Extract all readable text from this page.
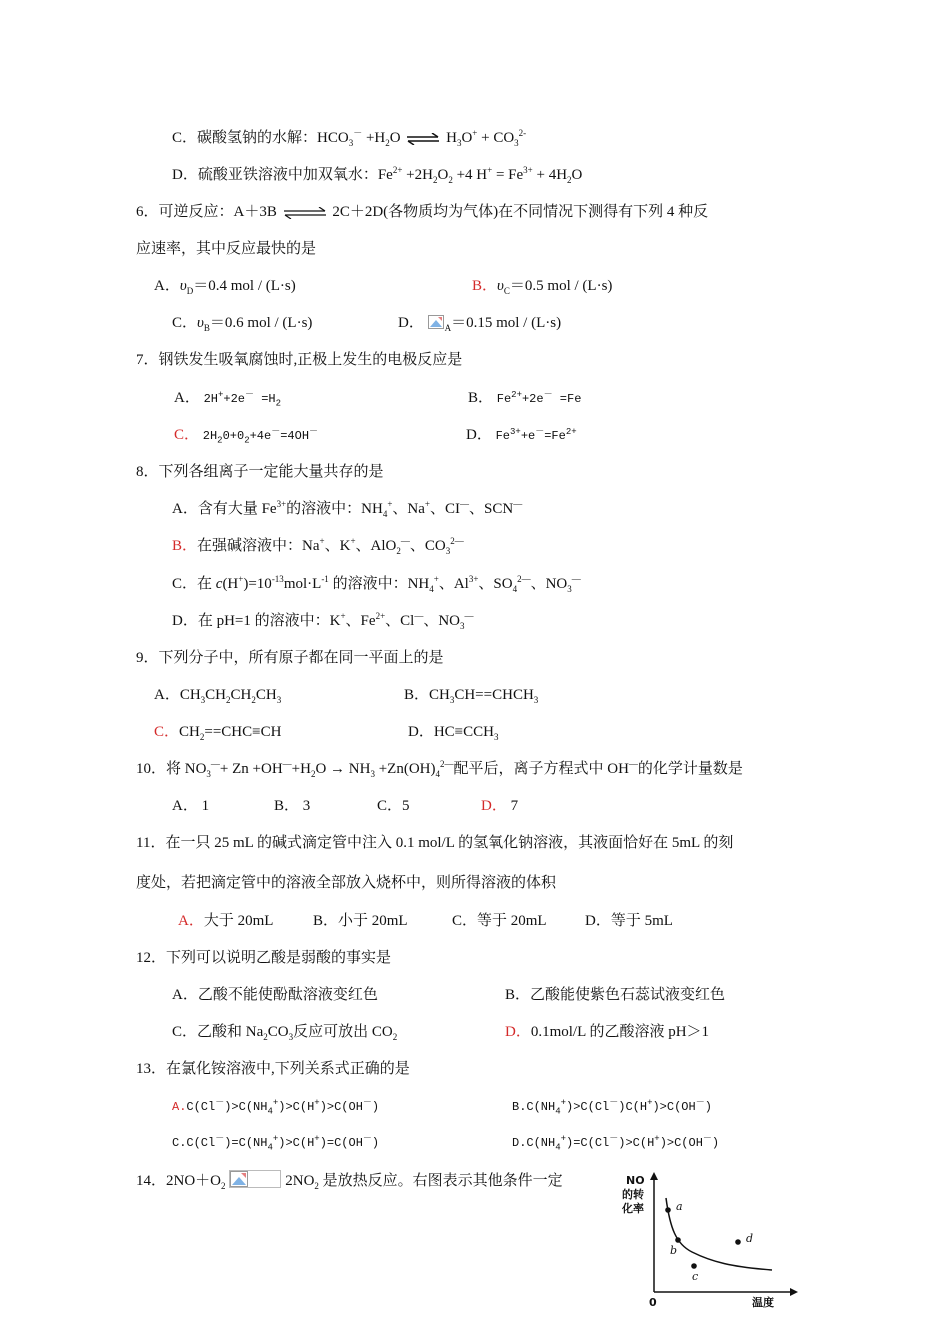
C．碳酸氢钠的水解：$HCO_3^- +H_2O$ ⇌ $H_3O^+ + CO_3^{2-}$
D．硫酸亚铁溶液中加双氧水：$Fe^{2+} +2H_2O_2 +4$ $H^+ = Fe^{3+} + 4H_2O$
6．可逆反应：A＋3B ⇌ 2C＋2D(各物质均为气体)在不同情况下测得有下列 4 种反
应速率，其中反应最快的是
A．$\upsilon_D=0.4$ mol / (L·s)	B．$\upsilon_C=0.5$ mol / (L·s)
C．$\upsilon_B=0.6$ mol / (L·s)	D． $_A$＝0.15 mol / (L·s)
7．钢铁发生吸氧腐蚀时,正极上发生的电极反应是
A． $2H^++2e^- =H_2$	B． $Fe^{2+}+2e^- =Fe$
C． $2H_20+0_2+4e^-=4OH^-$	D． $Fe^{3+}+e^-=Fe^{2+}$
8．下列各组离子一定能大量共存的是
A．含有大量 $Fe^{3+}$的溶液中：$NH_4^+$、Na+、CI—、SCN—
B．在强碱溶液中：Na+、K+、AlO$_2$—、$CO_3^{2—}$
C．在 $c(H^+)=10^{-13}mol\cdot L^{-1}$ 的溶液中：$NH_4^+$、$Al^{3+}$、$SO_4^{2—}$、$NO_3^—$
D．在 pH=1 的溶液中：K+、$Fe^{2+}$、Cl—、$NO_3^—$
9．下列分子中，所有原子都在同一平面上的是
A．$CH_3CH_2CH_2CH_3$	B．$CH_3CH==CHCH_3$
C．$CH_2==CHC\equiv CH$	D．$HC\equiv CCH_3$
10．将 $NO_3^—+ Zn +OH^—+H_2O \to NH_3 +Zn(OH)_4^{2—}$配平后，离子方程式中 OH—的化学计量数是
A． 1	B． 3	C．5	D． 7
11．在一只 25 mL 的碱式滴定管中注入 0.1 mol/L 的氢氧化钠溶液，其液面恰好在 5mL 的刻
度处，若把滴定管中的溶液全部放入烧杯中，则所得溶液的体积
A．大于 20mL	B．小于 20mL	C．等于 20mL	D．等于 5mL
12．下列可以说明乙酸是弱酸的事实是
A．乙酸不能使酚酞溶液变红色	B．乙酸能使紫色石蕊试液变红色
C．乙酸和 $Na_2CO_3$反应可放出 $CO_2$	D．0.1mol/L 的乙酸溶液 pH＞1
13．在氯化铵溶液中,下列关系式正确的是
$A.C(Cl^-)>C(NH_4^+)>C(H^+)>C(OH^-)$	$B.C(NH_4^+)>C(Cl^-)C(H^+)>C(OH^-)$
$C.C(Cl^-)=C(NH_4^+)>C(H^+)=C(OH^-)$	$D.C(NH_4^+)=C(Cl^-)>C(H^+)>C(OH^-)$
14．$2NO+O_2$	$2NO_2$ 是放热反应。右图表示其他条件一定	NO
的转
化率
0	温度
a
b
c
d
